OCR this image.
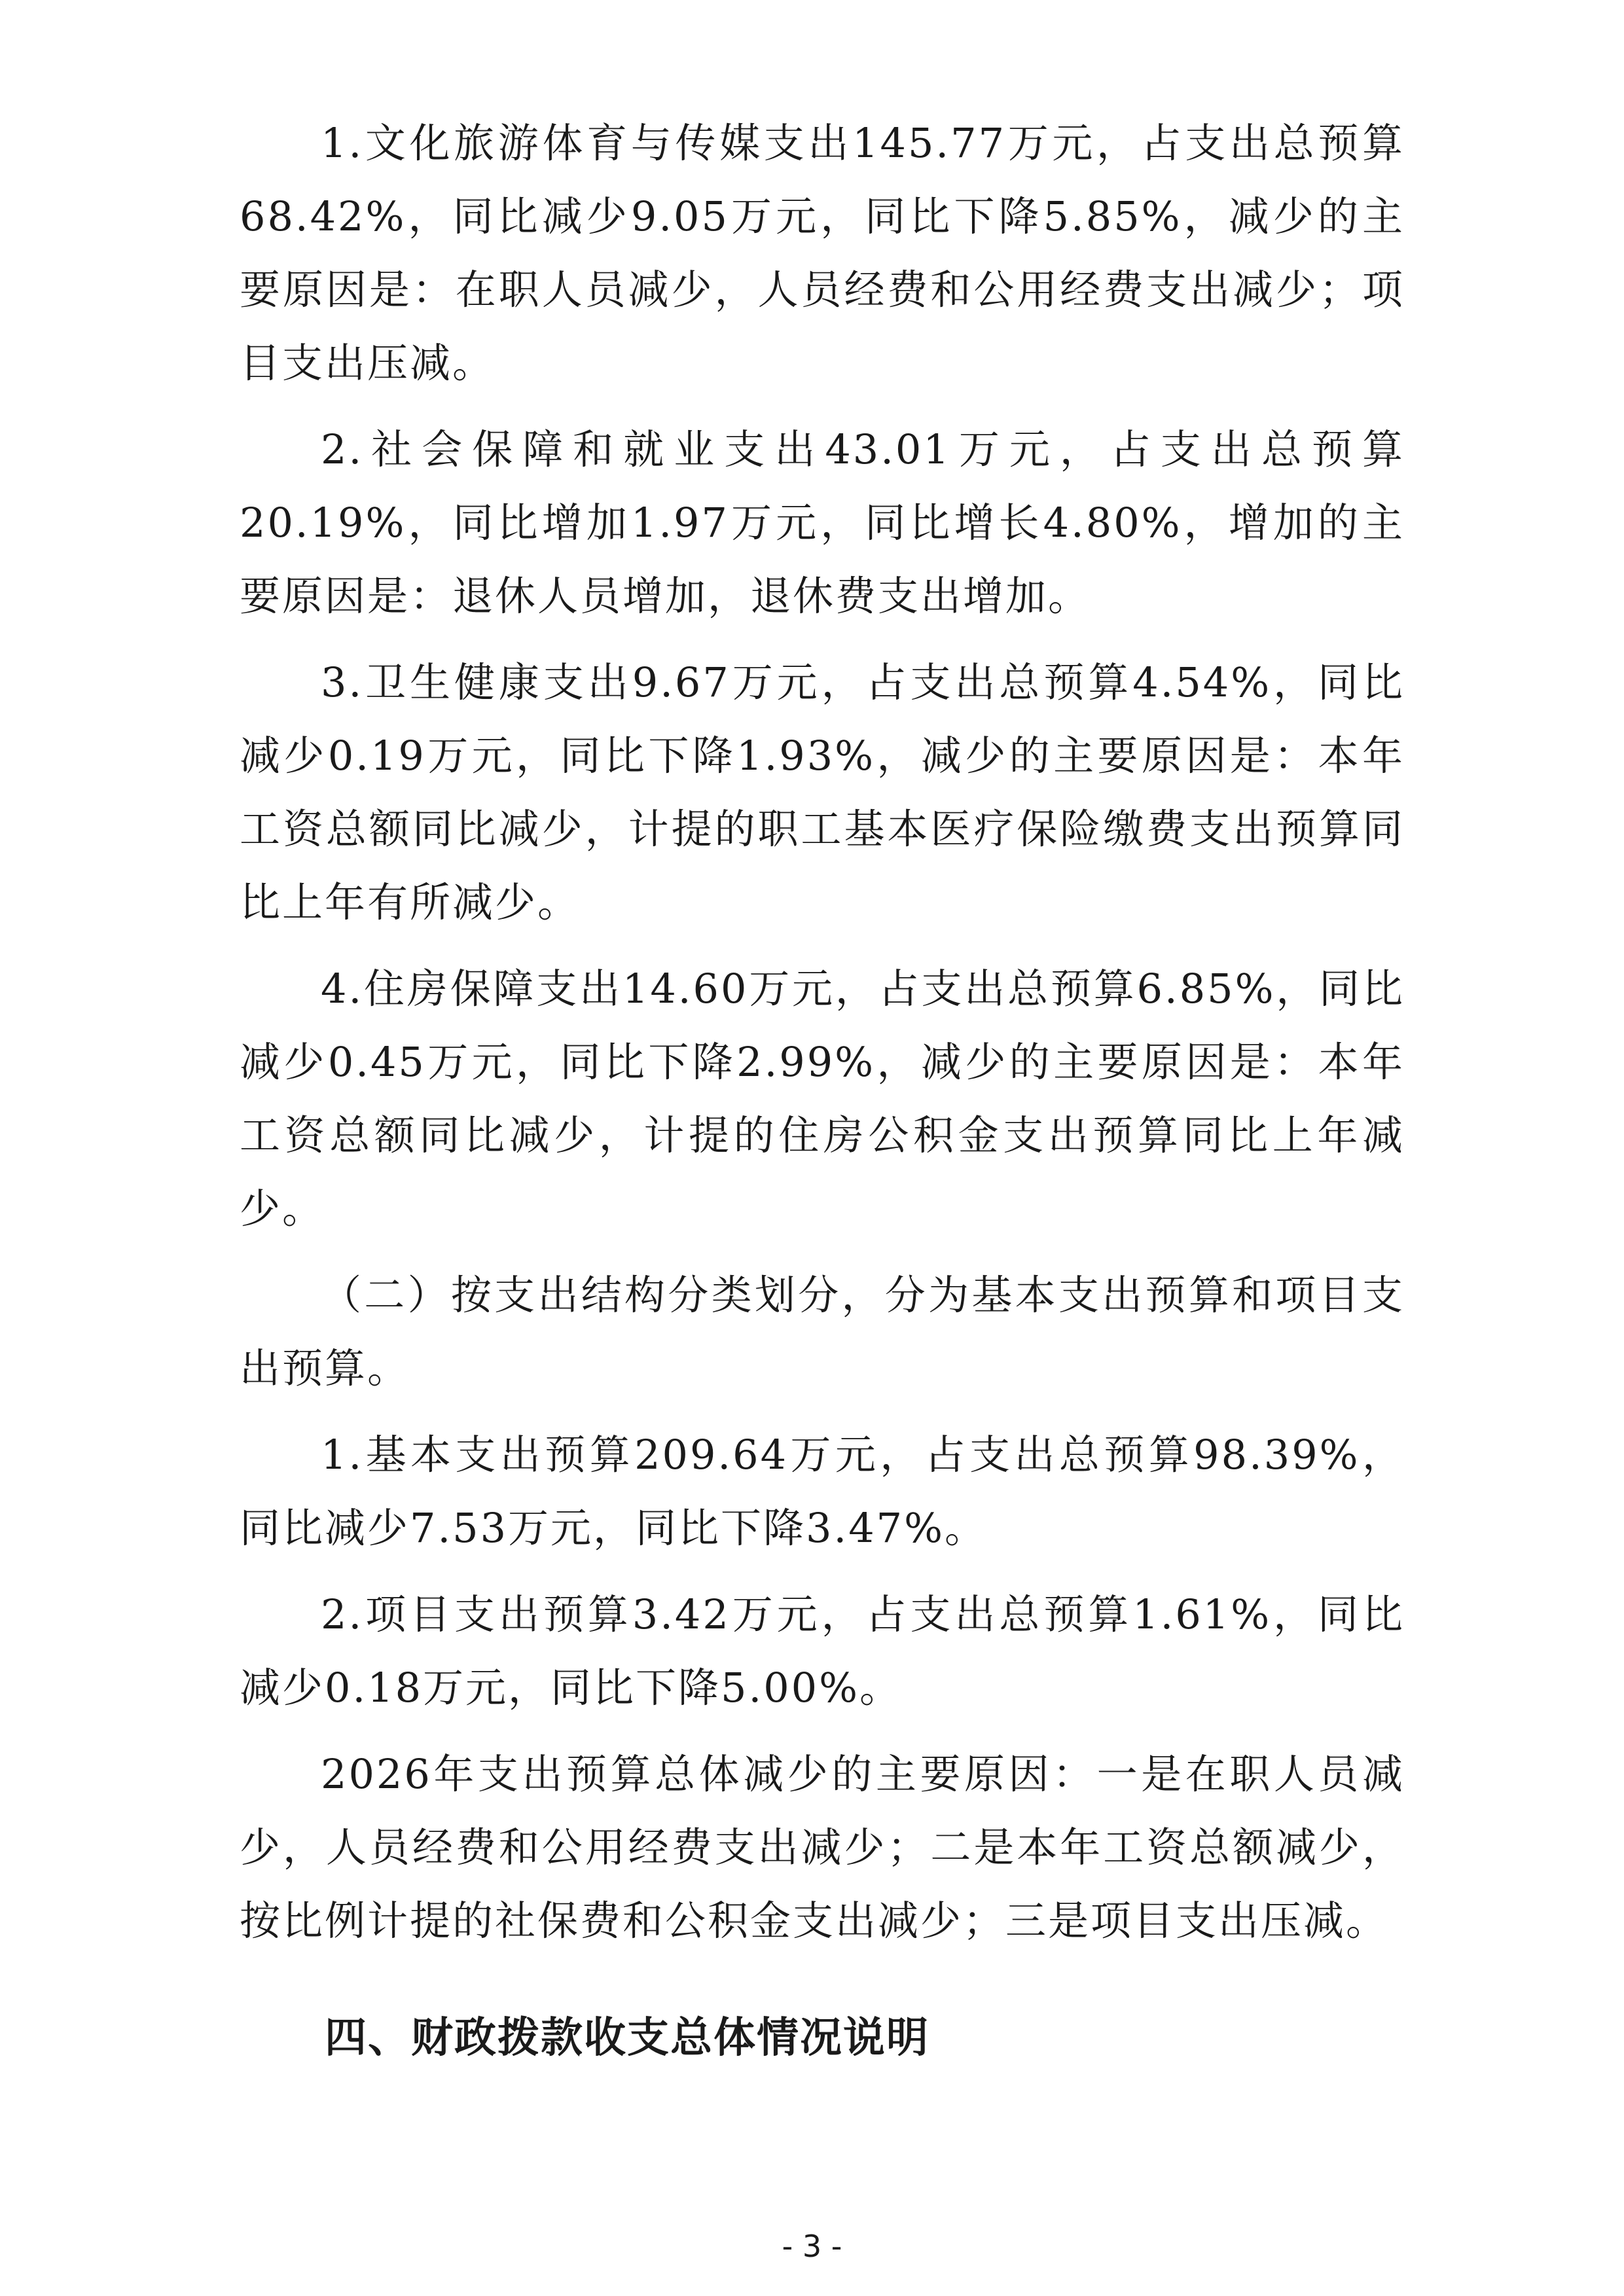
1.文化旅游体育与传媒支出145.77万元，占支出总预算68.42%，同比减少9.05万元，同比下降5.85%，减少的主要原因是：在职人员减少，人员经费和公用经费支出减少；项目支出压减。

2.社会保障和就业支出43.01万元，占支出总预算20.19%，同比增加1.97万元，同比增长4.80%，增加的主要原因是：退休人员增加，退休费支出增加。

3.卫生健康支出9.67万元，占支出总预算4.54%，同比减少0.19万元，同比下降1.93%，减少的主要原因是：本年工资总额同比减少，计提的职工基本医疗保险缴费支出预算同比上年有所减少。

4.住房保障支出14.60万元，占支出总预算6.85%，同比减少0.45万元，同比下降2.99%，减少的主要原因是：本年工资总额同比减少，计提的住房公积金支出预算同比上年减少。

（二）按支出结构分类划分，分为基本支出预算和项目支出预算。

1.基本支出预算209.64万元，占支出总预算98.39%，同比减少7.53万元，同比下降3.47%。

2.项目支出预算3.42万元，占支出总预算1.61%，同比减少0.18万元，同比下降5.00%。

2026年支出预算总体减少的主要原因：一是在职人员减少，人员经费和公用经费支出减少；二是本年工资总额减少，按比例计提的社保费和公积金支出减少；三是项目支出压减。

四、财政拨款收支总体情况说明
- 3 -
